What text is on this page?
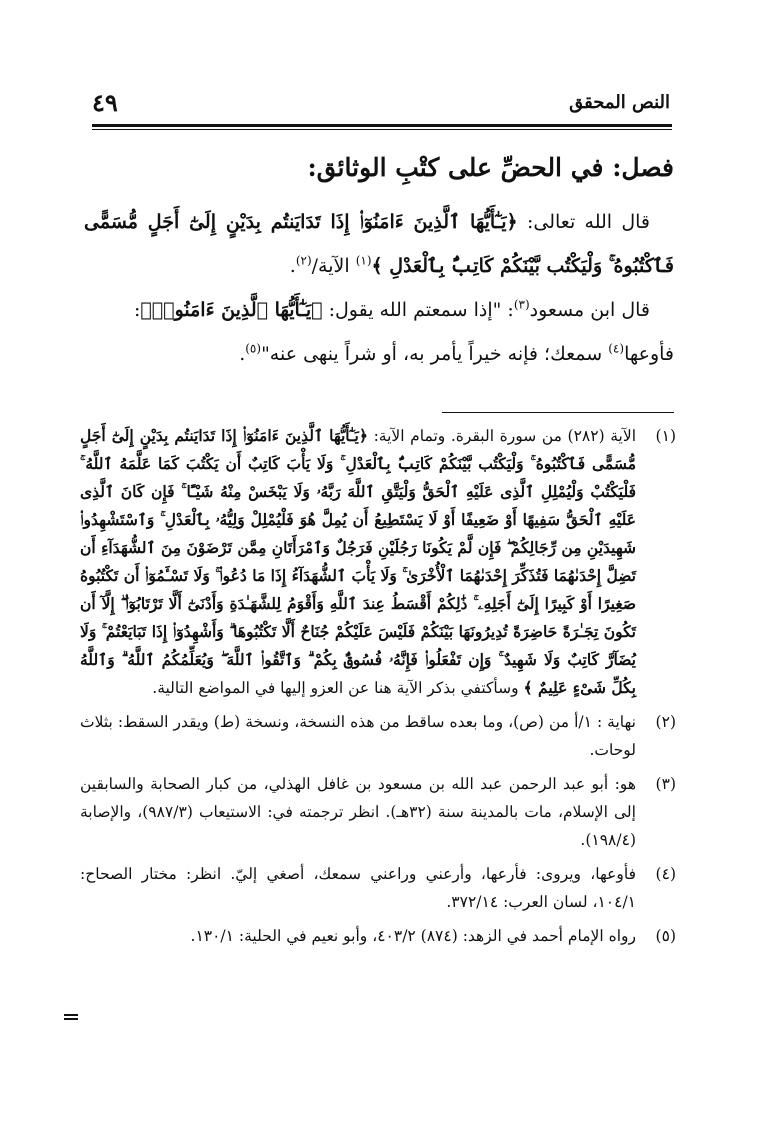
٤٩	النص المحقق
فصل: في الحضِّ على كتْبِ الوثائق:

قال الله تعالى: ﴿يَـٰٓأَيُّهَا ٱلَّذِينَ ءَامَنُوٓا۟ إِذَا تَدَايَنتُم بِدَيْنٍ إِلَىٰٓ أَجَلٍ مُّسَمًّى فَٱكْتُبُوهُ ۚ وَلْيَكْتُب بَّيْنَكُمْ كَاتِبٌۢ بِٱلْعَدْلِ ﴾$^{(١)}$ الآية/$^{(٢)}$.

قال ابن مسعود$^{(٣)}$: "إذا سمعتم الله يقول: ﴿يَـٰٓأَيُّهَا ٱلَّذِينَ ءَامَنُوا۟﴾:

فأوعها$^{(٤)}$ سمعك؛ فإنه خيراً يأمر به، أو شراً ينهى عنه"$^{(٥)}$.

(١)
الآية (٢٨٢) من سورة البقرة. وتمام الآية: ﴿يَـٰٓأَيُّهَا ٱلَّذِينَ ءَامَنُوٓا۟ إِذَا تَدَايَنتُم بِدَيْنٍ إِلَىٰٓ أَجَلٍ مُّسَمًّى فَٱكْتُبُوهُ ۚ وَلْيَكْتُب بَّيْنَكُمْ كَاتِبٌۢ بِٱلْعَدْلِ ۚ وَلَا يَأْبَ كَاتِبٌ أَن يَكْتُبَ كَمَا عَلَّمَهُ ٱللَّهُ ۚ فَلْيَكْتُبْ وَلْيُمْلِلِ ٱلَّذِى عَلَيْهِ ٱلْحَقُّ وَلْيَتَّقِ ٱللَّهَ رَبَّهُۥ وَلَا يَبْخَسْ مِنْهُ شَيْـًٔا ۚ فَإِن كَانَ ٱلَّذِى عَلَيْهِ ٱلْحَقُّ سَفِيهًا أَوْ ضَعِيفًا أَوْ لَا يَسْتَطِيعُ أَن يُمِلَّ هُوَ فَلْيُمْلِلْ وَلِيُّهُۥ بِٱلْعَدْلِ ۚ وَٱسْتَشْهِدُوا۟ شَهِيدَيْنِ مِن رِّجَالِكُمْ ۖ فَإِن لَّمْ يَكُونَا رَجُلَيْنِ فَرَجُلٌ وَٱمْرَأَتَانِ مِمَّن تَرْضَوْنَ مِنَ ٱلشُّهَدَآءِ أَن تَضِلَّ إِحْدَىٰهُمَا فَتُذَكِّرَ إِحْدَىٰهُمَا ٱلْأُخْرَىٰ ۚ وَلَا يَأْبَ ٱلشُّهَدَآءُ إِذَا مَا دُعُوا۟ ۚ وَلَا تَسْـَٔمُوٓا۟ أَن تَكْتُبُوهُ صَغِيرًا أَوْ كَبِيرًا إِلَىٰٓ أَجَلِهِۦ ۚ ذَٰلِكُمْ أَقْسَطُ عِندَ ٱللَّهِ وَأَقْوَمُ لِلشَّهَـٰدَةِ وَأَدْنَىٰٓ أَلَّا تَرْتَابُوٓا۟ ۖ إِلَّآ أَن تَكُونَ تِجَـٰرَةً حَاضِرَةً تُدِيرُونَهَا بَيْنَكُمْ فَلَيْسَ عَلَيْكُمْ جُنَاحٌ أَلَّا تَكْتُبُوهَا ۗ وَأَشْهِدُوٓا۟ إِذَا تَبَايَعْتُمْ ۚ وَلَا يُضَآرَّ كَاتِبٌ وَلَا شَهِيدٌ ۚ وَإِن تَفْعَلُوا۟ فَإِنَّهُۥ فُسُوقٌۢ بِكُمْ ۗ وَٱتَّقُوا۟ ٱللَّهَ ۖ وَيُعَلِّمُكُمُ ٱللَّهُ ۗ وَٱللَّهُ بِكُلِّ شَىْءٍ عَلِيمٌ ﴾ وسأكتفي بذكر الآية هنا عن العزو إليها في المواضع التالية.
(٢)
نهاية : ١/أ من (ص)، وما بعده ساقط من هذه النسخة، ونسخة (ط) ويقدر السقط: بثلاث لوحات.
(٣)
هو: أبو عبد الرحمن عبد الله بن مسعود بن غافل الهذلي، من كبار الصحابة والسابقين إلى الإسلام، مات بالمدينة سنة (٣٢هـ). انظر ترجمته في: الاستيعاب (٩٨٧/٣)، والإصابة (١٩٨/٤).
(٤)
فأوعها، ويروى: فأرعها، وأرعني وراعني سمعك، أصغي إليّ. انظر: مختار الصحاح: ١٠٤/١، لسان العرب: ٣٧٢/١٤.
(٥)
رواه الإمام أحمد في الزهد: (٨٧٤) ٤٠٣/٢، وأبو نعيم في الحلية: ١٣٠/١.
